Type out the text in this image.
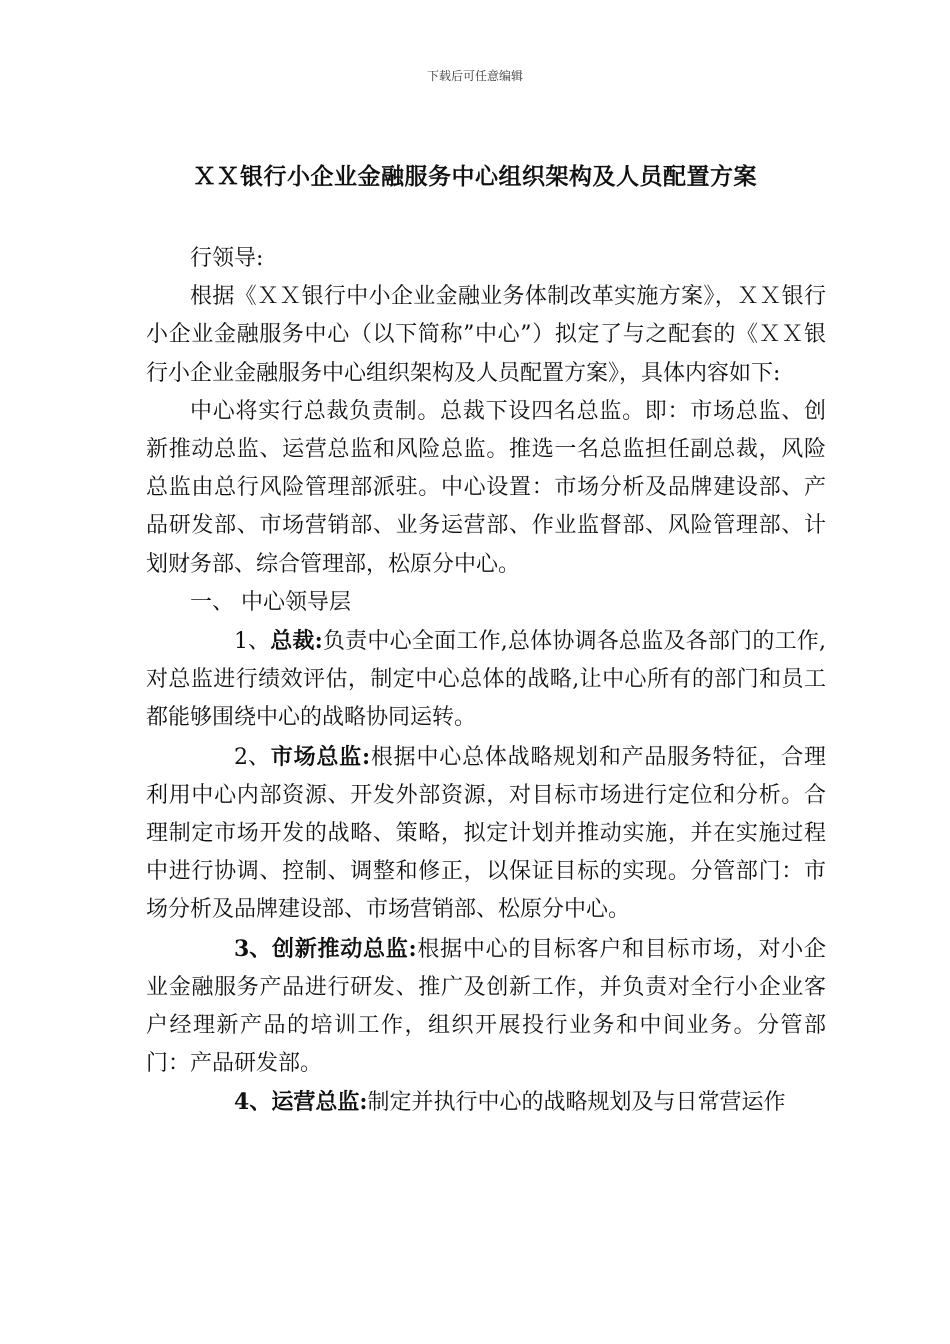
下载后可任意编辑
ＸＸ银行小企业金融服务中心组织架构及人员配置方案

行领导:

根据《ＸＸ银行中小企业金融业务体制改革实施方案》，ＸＸ银行小企业金融服务中心（以下简称”中心”）拟定了与之配套的《ＸＸ银行小企业金融服务中心组织架构及人员配置方案》，具体内容如下:

中心将实行总裁负责制。总裁下设四名总监。即：市场总监、创新推动总监、运营总监和风险总监。推选一名总监担任副总裁，风险总监由总行风险管理部派驻。中心设置：市场分析及品牌建设部、产品研发部、市场营销部、业务运营部、作业监督部、风险管理部、计划财务部、综合管理部，松原分中心。

一、 中心领导层

1、总裁:负责中心全面工作,总体协调各总监及各部门的工作,对总监进行绩效评估，制定中心总体的战略,让中心所有的部门和员工都能够围绕中心的战略协同运转。

2、市场总监:根据中心总体战略规划和产品服务特征，合理利用中心内部资源、开发外部资源，对目标市场进行定位和分析。合理制定市场开发的战略、策略，拟定计划并推动实施，并在实施过程中进行协调、控制、调整和修正，以保证目标的实现。分管部门：市场分析及品牌建设部、市场营销部、松原分中心。

3、创新推动总监:根据中心的目标客户和目标市场，对小企业金融服务产品进行研发、推广及创新工作，并负责对全行小企业客户经理新产品的培训工作，组织开展投行业务和中间业务。分管部门：产品研发部。

4、运营总监:制定并执行中心的战略规划及与日常营运作
